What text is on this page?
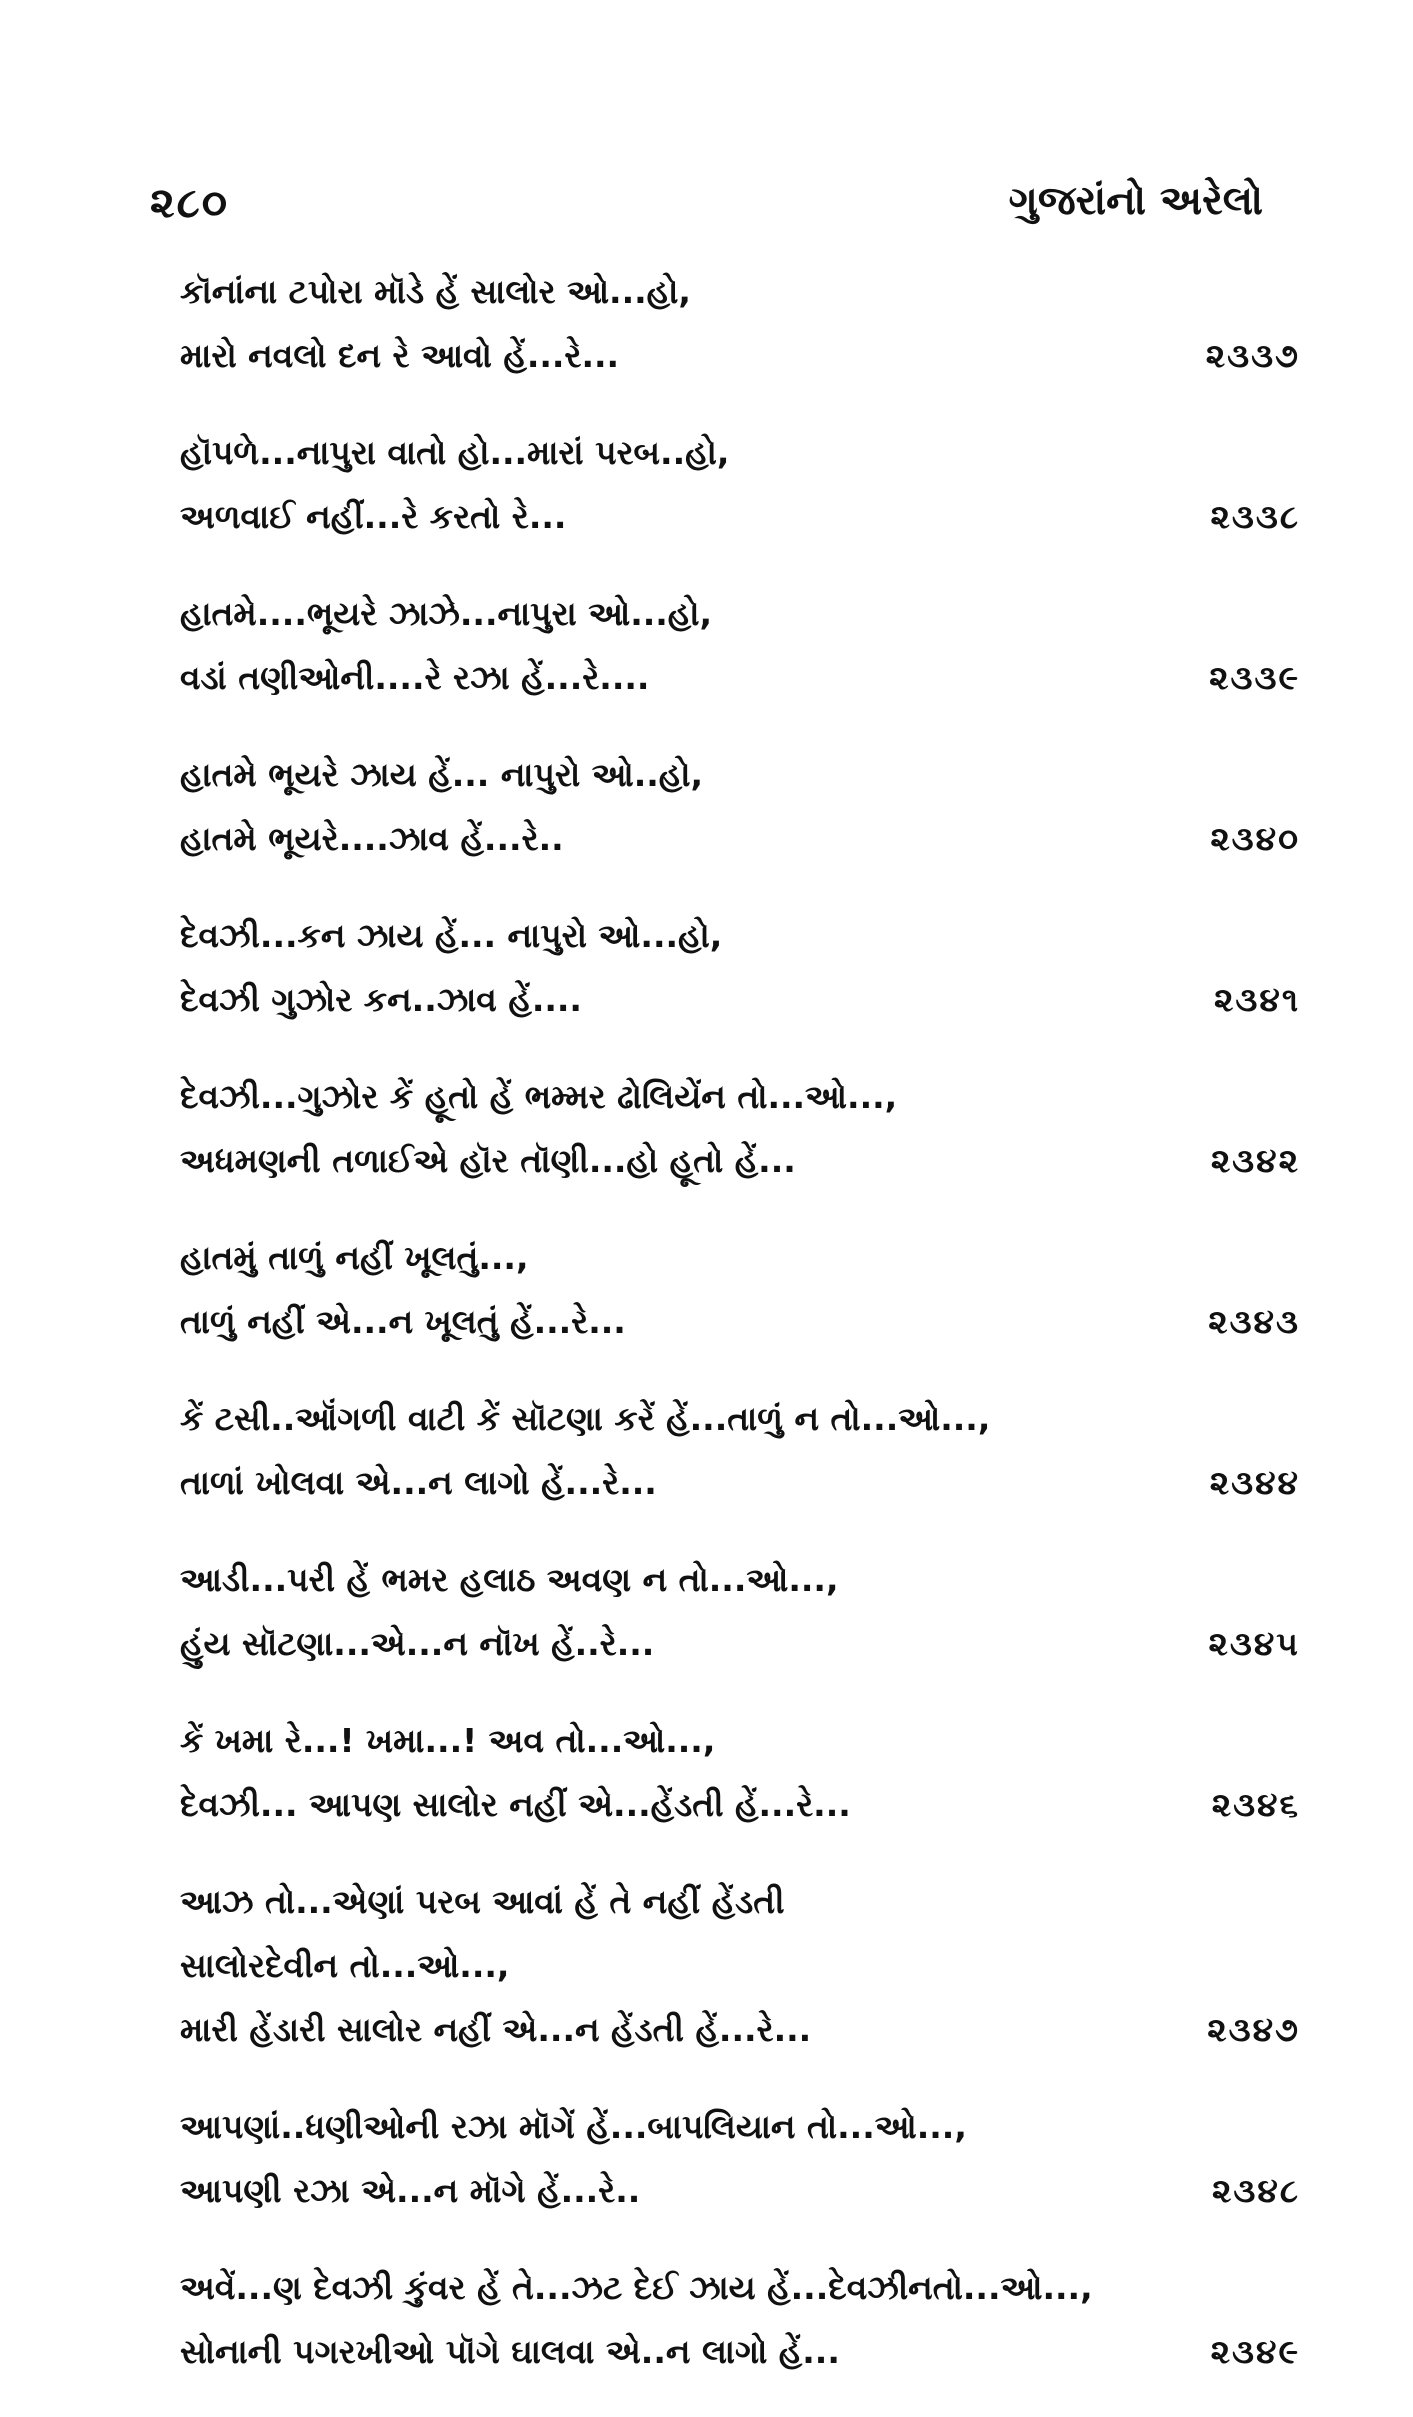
૨૮૦	ગુજરાંનો અરેલો
કૉનાંના ટપોરા મૉડે હેં સાલોર ઓ...હો,
મારો નવલો દન રે આવો હેં...રે...	૨૩૩૭
હૉપળે...નાપુરા વાતો હો...મારાં પરબ..હો,
અળવાઈ નહીં...રે કરતો રે...	૨૩૩૮
હાતમે....ભૂયરે ઝાઝે...નાપુરા ઓ...હો,
વડાં તણીઓની....રે રઝા હેં...રે....	૨૩૩૯
હાતમે ભૂયરે ઝાય હેં... નાપુરો ઓ..હો,
હાતમે ભૂયરે....ઝાવ હેં...રે..	૨૩૪૦
દેવઝી...કન ઝાય હેં... નાપુરો ઓ...હો,
દેવઝી ગુઝોર કન..ઝાવ હેં....	૨૩૪૧
દેવઝી...ગુઝોર કેં હૂતો હેં ભમ્મર ઢોલિયેંન તો...ઓ...,
અધમણની તળાઈએ હૉર તૉણી...હો હૂતો હેં...	૨૩૪૨
હાતમું તાળું નહીં ખૂલતું...,
તાળું નહીં એ...ન ખૂલતું હેં...રે...	૨૩૪૩
કેં ટસી..ઑંગળી વાટી કેં સૉટણા કરેં હેં...તાળું ન તો...ઓ...,
તાળાં ખોલવા એ...ન લાગો હેં...રે...	૨૩૪૪
આડી...પરી હેં ભમર હલાઠ અવણ ન તો...ઓ...,
હુંય સૉટણા...એ...ન નૉખ હેં..રે...	૨૩૪૫
કેં ખમા રે...! ખમા...! અવ તો...ઓ...,
દેવઝી... આપણ સાલોર નહીં એ...હેંડતી હેં...રે...	૨૩૪૬
આઝ તો...એણાં પરબ આવાં હેં તે નહીં હેંડતી
સાલોરદેવીન તો...ઓ...,
મારી હેંડારી સાલોર નહીં એ...ન હેંડતી હેં...રે...	૨૩૪૭
આપણાં..ધણીઓની રઝા મૉગેં હેં...બાપલિયાન તો...ઓ...,
આપણી રઝા એ...ન મૉગે હેં...રે..	૨૩૪૮
અવેં...ણ દેવઝી કુંવર હેં તે...ઝટ દેઈ ઝાય હેં...દેવઝીનતો...ઓ...,
સોનાની પગરખીઓ પૉગે ઘાલવા એ..ન લાગો હેં...	૨૩૪૯
